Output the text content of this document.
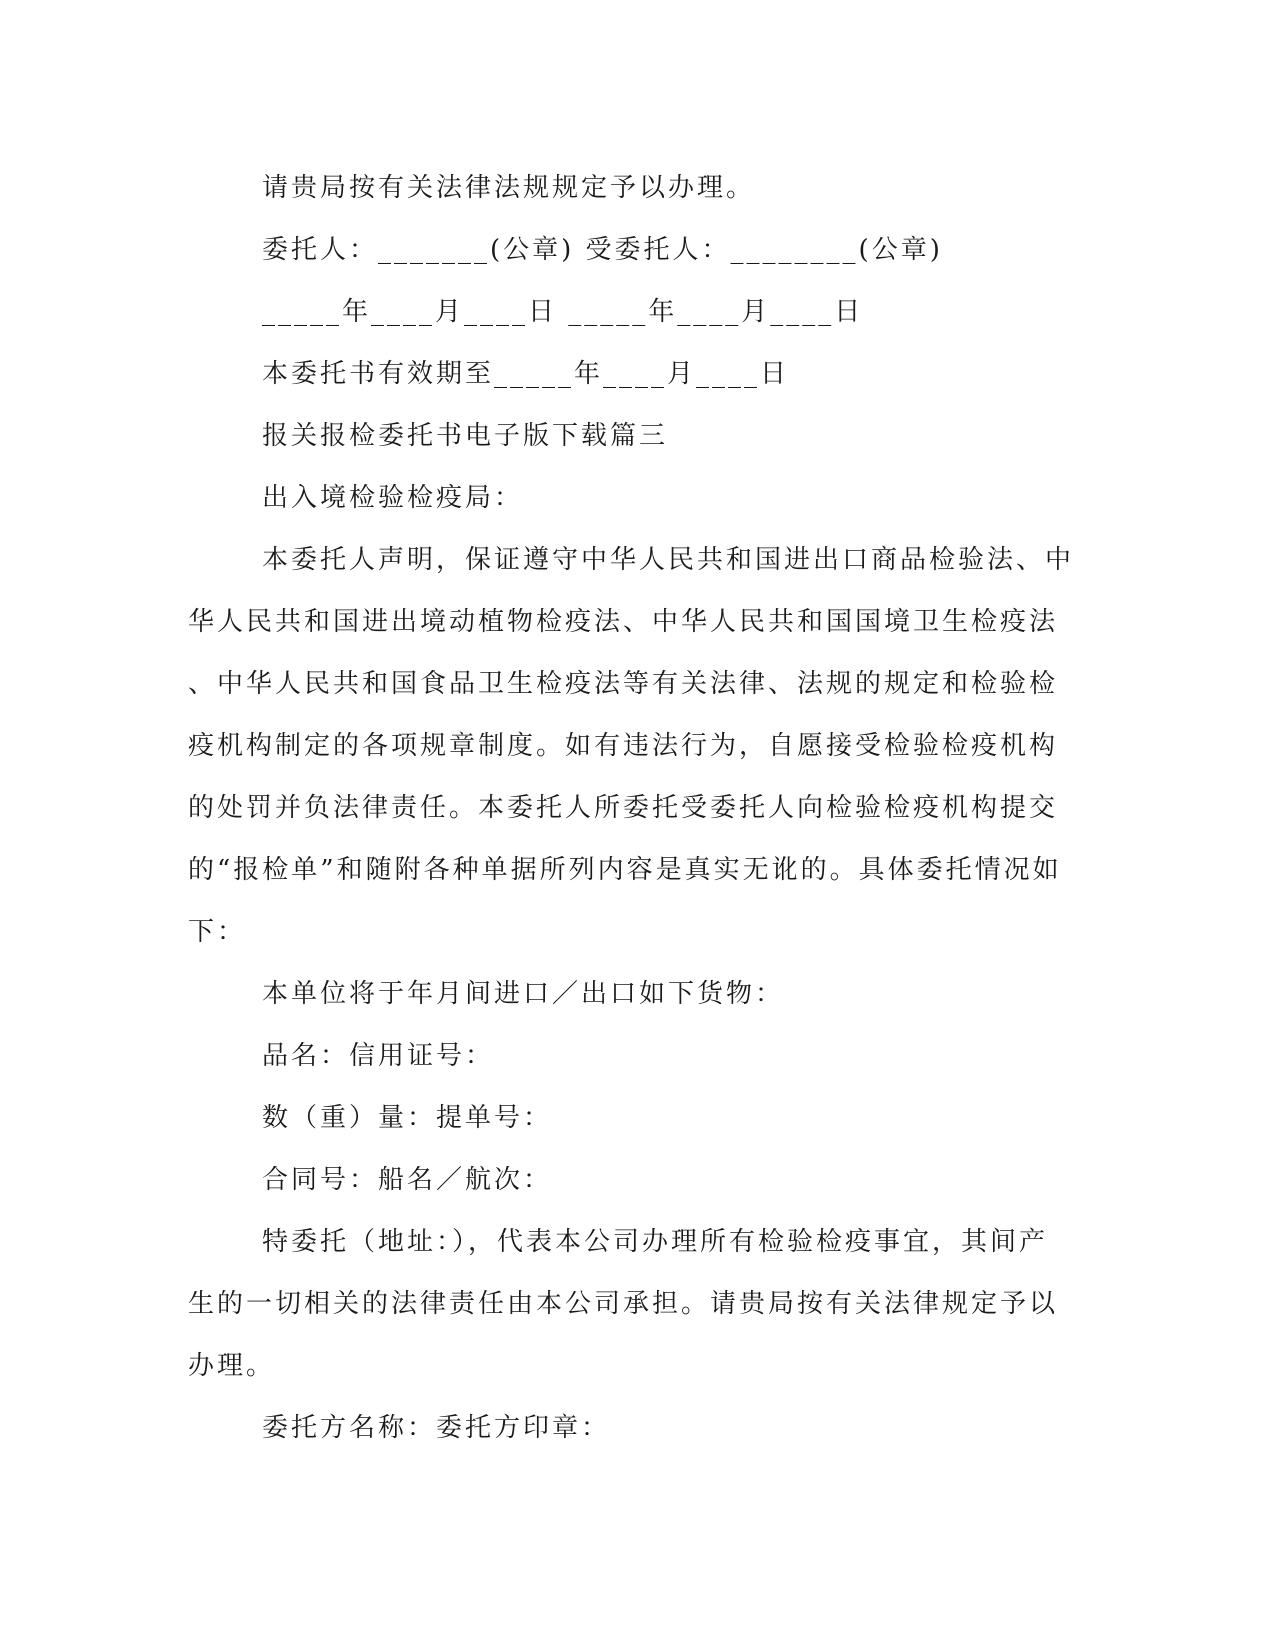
请贵局按有关法律法规规定予以办理。
委托人：_______(公章) 受委托人：________(公章)
_____年____月____日 _____年____月____日
本委托书有效期至_____年____月____日
报关报检委托书电子版下载篇三
出入境检验检疫局：
本委托人声明，保证遵守中华人民共和国进出口商品检验法、中
华人民共和国进出境动植物检疫法、中华人民共和国国境卫生检疫法
、中华人民共和国食品卫生检疫法等有关法律、法规的规定和检验检
疫机构制定的各项规章制度。如有违法行为，自愿接受检验检疫机构
的处罚并负法律责任。本委托人所委托受委托人向检验检疫机构提交
的“报检单”和随附各种单据所列内容是真实无讹的。具体委托情况如
下：
本单位将于年月间进口／出口如下货物：
品名：信用证号：
数（重）量：提单号：
合同号：船名／航次：
特委托（地址：），代表本公司办理所有检验检疫事宜，其间产
生的一切相关的法律责任由本公司承担。请贵局按有关法律规定予以
办理。
委托方名称：委托方印章：
